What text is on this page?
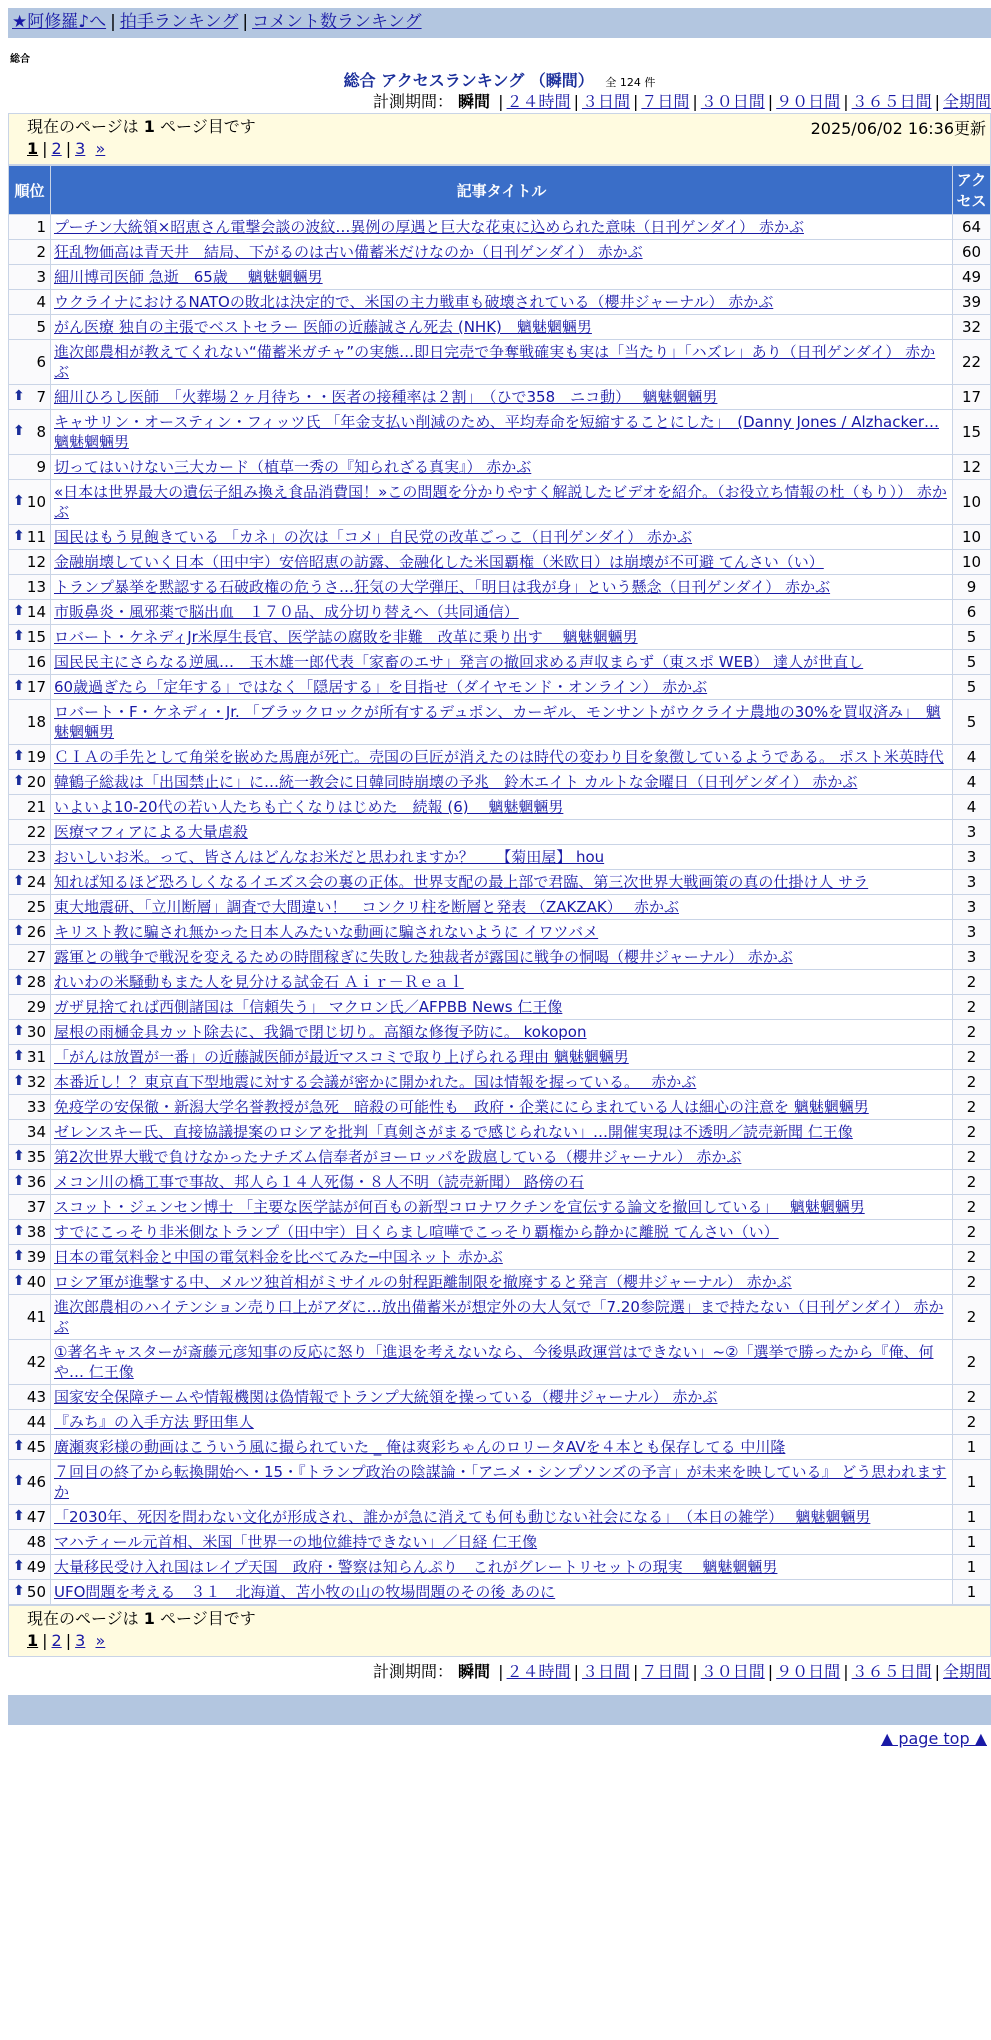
★阿修羅♪へ | 拍手ランキング | コメント数ランキング
総合
総合 アクセスランキング （瞬間） 全 124 件
計測期間： 瞬間 | ２４時間 | ３日間 | ７日間 | ３０日間 | ９０日間 | ３６５日間 | 全期間
現在のページは 1 ページ目です	2025/06/02 16:36更新
1 | 2 | 3 »
順位	記事タイトル	アクセス
1	プーチン大統領×昭恵さん電撃会談の波紋…異例の厚遇と巨大な花束に込められた意味（日刊ゲンダイ） 赤かぶ	64
2	狂乱物価高は青天井　結局、下がるのは古い備蓄米だけなのか（日刊ゲンダイ） 赤かぶ	60
3	細川博司医師 急逝　65歳　 魑魅魍魎男	49
4	ウクライナにおけるNATOの敗北は決定的で、米国の主力戦車も破壊されている（櫻井ジャーナル） 赤かぶ	39
5	がん医療 独自の主張でベストセラー 医師の近藤誠さん死去 (NHK)　魑魅魍魎男	32
6	進次郎農相が教えてくれない“備蓄米ガチャ”の実態…即日完売で争奪戦確実も実は「当たり」「ハズレ」あり（日刊ゲンダイ） 赤かぶ	22

⬆ 7	細川ひろし医師　「火葬場２ヶ月待ち・・医者の接種率は２割」　（ひで358　ニコ動）　 魑魅魍魎男	17

⬆ 8	キャサリン・オースティン・フィッツ氏 「年金支払い削減のため、平均寿命を短縮することにした」　(Danny Jones / Alzhacker… 魑魅魍魎男	15
9	切ってはいけない三大カード（植草一秀の『知られざる真実』） 赤かぶ	12

⬆ 10	«日本は世界最大の遺伝子組み換え食品消費国！»この問題を分かりやすく解説したビデオを紹介。（お役立ち情報の杜（もり）） 赤かぶ	10

⬆ 11	国民はもう見飽きている 「カネ」の次は「コメ」自民党の改革ごっこ（日刊ゲンダイ） 赤かぶ	10
12	金融崩壊していく日本（田中宇）安倍昭恵の訪露、金融化した米国覇権（米欧日）は崩壊が不可避 てんさい（い）	10
13	トランプ暴挙を黙認する石破政権の危うさ…狂気の大学弾圧、「明日は我が身」という懸念（日刊ゲンダイ） 赤かぶ	9

⬆ 14	市販鼻炎・風邪薬で脳出血　１７０品、成分切り替えへ（共同通信）	6

⬆ 15	ロバート・ケネディJr米厚生長官、医学誌の腐敗を非難　改革に乗り出す　 魑魅魍魎男	5
16	国民民主にさらなる逆風…　玉木雄一郎代表「家畜のエサ」発言の撤回求める声収まらず（東スポ WEB） 達人が世直し	5

⬆ 17	60歳過ぎたら「定年する」ではなく「隠居する」を目指せ（ダイヤモンド・オンライン） 赤かぶ	5
18	ロバート・F・ケネディ・Jr. 「ブラックロックが所有するデュポン、カーギル、モンサントがウクライナ農地の30%を買収済み」　魑魅魍魎男	5

⬆ 19	ＣＩＡの手先として角栄を嵌めた馬鹿が死亡。売国の巨匠が消えたのは時代の変わり目を象徴しているようである。 ポスト米英時代	4

⬆ 20	韓鶴子総裁は「出国禁止に」に…統一教会に日韓同時崩壊の予兆　鈴木エイト カルトな金曜日（日刊ゲンダイ） 赤かぶ	4
21	いよいよ10-20代の若い人たちも亡くなりはじめた　続報 (6)　 魑魅魍魎男	4
22	医療マフィアによる大量虐殺	3
23	おいしいお米。って、皆さんはどんなお米だと思われますか？　　【菊田屋】 hou	3

⬆ 24	知れば知るほど恐ろしくなるイエズス会の裏の正体。世界支配の最上部で君臨、第三次世界大戦画策の真の仕掛け人 サラ	3
25	東大地震研、「立川断層」調査で大間違い！　コンクリ柱を断層と発表 （ZAKZAK）　 赤かぶ	3

⬆ 26	キリスト教に騙され無かった日本人みたいな動画に騙されないように イワツバメ	3
27	露軍との戦争で戦況を変えるための時間稼ぎに失敗した独裁者が露国に戦争の恫喝（櫻井ジャーナル） 赤かぶ	3

⬆ 28	れいわの米騒動もまた人を見分ける試金石 Ａｉｒ－Ｒｅａｌ	2
29	ガザ見捨てれば西側諸国は「信頼失う」 マクロン氏／AFPBB News 仁王像	2

⬆ 30	屋根の雨樋金具カット除去に、我鍋で閉じ切り。高額な修復予防に。 kokopon	2

⬆ 31	「がんは放置が一番」の近藤誠医師が最近マスコミで取り上げられる理由 魑魅魍魎男	2

⬆ 32	本番近し！？東京直下型地震に対する会議が密かに開かれた。国は情報を握っている。　 赤かぶ	2
33	免疫学の安保徹・新潟大学名誉教授が急死　暗殺の可能性も　政府・企業ににらまれている人は細心の注意を 魑魅魍魎男	2
34	ゼレンスキー氏、直接協議提案のロシアを批判「真剣さがまるで感じられない」…開催実現は不透明／読売新聞 仁王像	2

⬆ 35	第2次世界大戦で負けなかったナチズム信奉者がヨーロッパを跋扈している（櫻井ジャーナル） 赤かぶ	2

⬆ 36	メコン川の橋工事で事故、邦人ら１４人死傷・８人不明（読売新聞） 路傍の石	2
37	スコット・ジェンセン博士 「主要な医学誌が何百もの新型コロナワクチンを宣伝する論文を撤回している」　 魑魅魍魎男	2

⬆ 38	すでにこっそり非米側なトランプ（田中宇）目くらまし喧嘩でこっそり覇権から静かに離脱 てんさい（い）	2

⬆ 39	日本の電気料金と中国の電気料金を比べてみた─中国ネット 赤かぶ	2

⬆ 40	ロシア軍が進撃する中、メルツ独首相がミサイルの射程距離制限を撤廃すると発言（櫻井ジャーナル） 赤かぶ	2
41	進次郎農相のハイテンション売り口上がアダに…放出備蓄米が想定外の大人気で「7.20参院選」まで持たない（日刊ゲンダイ） 赤かぶ	2
42	①著名キャスターが斎藤元彦知事の反応に怒り「進退を考えないなら、今後県政運営はできない」~②「選挙で勝ったから『俺、何や… 仁王像	2
43	国家安全保障チームや情報機関は偽情報でトランプ大統領を操っている（櫻井ジャーナル） 赤かぶ	2
44	『みち』の入手方法 野田隼人	2

⬆ 45	廣瀬爽彩様の動画はこういう風に撮られていた _ 俺は爽彩ちゃんのロリータAVを４本とも保存してる 中川隆	1

⬆ 46	７回目の終了から転換開始へ・15・『トランプ政治の陰謀論・「アニメ・シンプソンズの予言」が未来を映している』 どう思われますか	1

⬆ 47	「2030年、死因を問わない文化が形成され、誰かが急に消えても何も動じない社会になる」　（本日の雑学）　 魑魅魍魎男	1
48	マハティール元首相、米国「世界一の地位維持できない」／日経 仁王像	1

⬆ 49	大量移民受け入れ国はレイプ天国　政府・警察は知らんぷり　これがグレートリセットの現実　 魑魅魍魎男	1

⬆ 50	UFO問題を考える　３１　北海道、苫小牧の山の牧場問題のその後 あのに	1
現在のページは 1 ページ目です
1 | 2 | 3 »
計測期間： 瞬間 | ２４時間 | ３日間 | ７日間 | ３０日間 | ９０日間 | ３６５日間 | 全期間
▲ page top ▲
